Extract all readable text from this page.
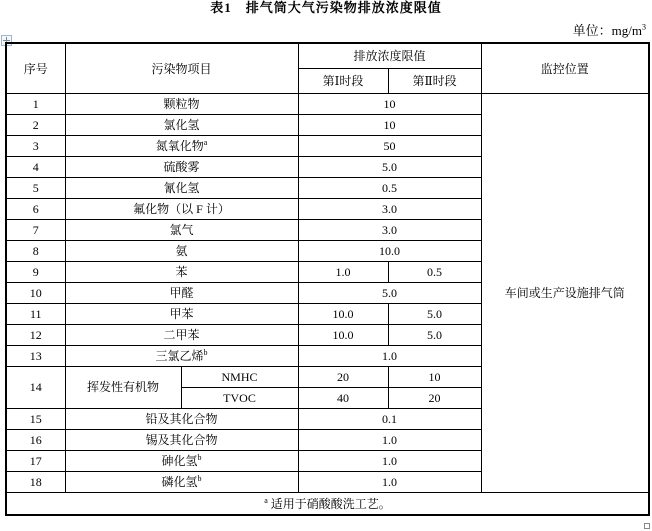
表1　排气筒大气污染物排放浓度限值
单位：$mg/m^3$
序号	污染物项目		排放浓度限值		监控位置
			第Ⅰ时段	第Ⅱ时段	
1	颗粒物		10		车间或生产设施排气筒
2	氯化氢		10		
3	氮氧化物$^a$		50		
4	硫酸雾		5.0		
5	氰化氢		0.5		
6	氟化物（以 F 计）		3.0		
7	氯气		3.0		
8	氨		10.0		
9	苯		1.0	0.5	
10	甲醛		5.0		
11	甲苯		10.0	5.0	
12	二甲苯		10.0	5.0	
13	三氯乙烯$^b$		1.0		
14	挥发性有机物	NMHC	20	10	
		TVOC	40	20	
15	铅及其化合物		0.1		
16	锡及其化合物		1.0		
17	砷化氢$^b$		1.0		
18	磷化氢$^b$		1.0		
$^a$ 适用于硝酸酸洗工艺。					
